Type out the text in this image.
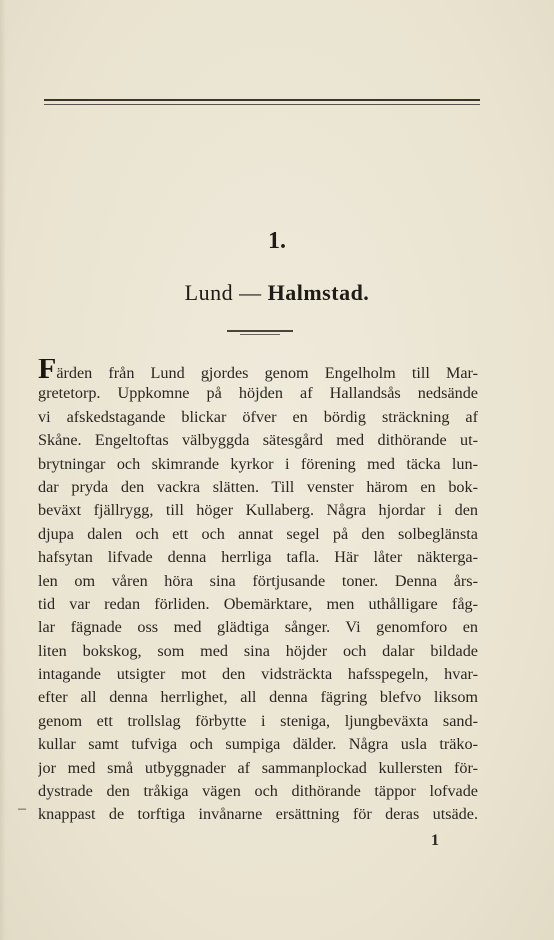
1.
Lund — Halmstad.
Färden från Lund gjordes genom Engelholm till Mar-
gretetorp. Uppkomne på höjden af Hallandsås nedsände
vi afskedstagande blickar öfver en bördig sträckning af
Skåne. Engeltoftas välbyggda sätesgård med dithörande ut-
brytningar och skimrande kyrkor i förening med täcka lun-
dar pryda den vackra slätten. Till venster härom en bok-
beväxt fjällrygg, till höger Kullaberg. Några hjordar i den
djupa dalen och ett och annat segel på den solbeglänsta
hafsytan lifvade denna herrliga tafla. Här låter näkterga-
len om våren höra sina förtjusande toner. Denna års-
tid var redan förliden. Obemärktare, men uthålligare fåg-
lar fägnade oss med glädtiga sånger. Vi genomforo en
liten bokskog, som med sina höjder och dalar bildade
intagande utsigter mot den vidsträckta hafsspegeln, hvar-
efter all denna herrlighet, all denna fägring blefvo liksom
genom ett trollslag förbytte i steniga, ljungbeväxta sand-
kullar samt tufviga och sumpiga dälder. Några usla träko-
jor med små utbyggnader af sammanplockad kullersten för-
dystrade den tråkiga vägen och dithörande täppor lofvade
knappast de torftiga invånarne ersättning för deras utsäde.
–
1
